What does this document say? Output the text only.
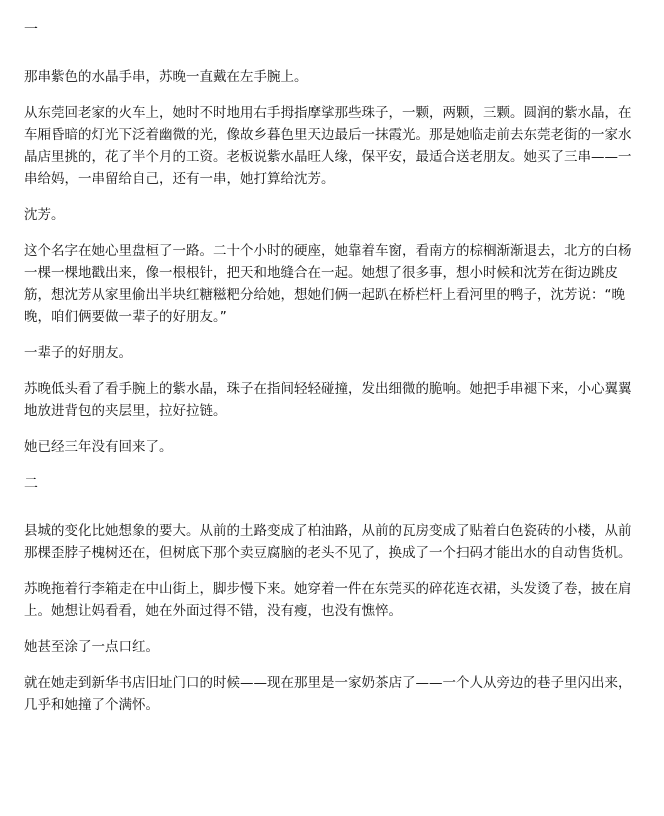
一

那串紫色的水晶手串，苏晚一直戴在左手腕上。

从东莞回老家的火车上，她时不时地用右手拇指摩挲那些珠子，一颗，两颗，三颗。圆润的紫水晶，在车厢昏暗的灯光下泛着幽微的光，像故乡暮色里天边最后一抹霞光。那是她临走前去东莞老街的一家水晶店里挑的，花了半个月的工资。老板说紫水晶旺人缘，保平安，最适合送老朋友。她买了三串——一串给妈，一串留给自己，还有一串，她打算给沈芳。

沈芳。

这个名字在她心里盘桓了一路。二十个小时的硬座，她靠着车窗，看南方的棕榈渐渐退去，北方的白杨一棵一棵地戳出来，像一根根针，把天和地缝合在一起。她想了很多事，想小时候和沈芳在街边跳皮筋，想沈芳从家里偷出半块红糖糍粑分给她，想她们俩一起趴在桥栏杆上看河里的鸭子，沈芳说：“晚晚，咱们俩要做一辈子的好朋友。”

一辈子的好朋友。

苏晚低头看了看手腕上的紫水晶，珠子在指间轻轻碰撞，发出细微的脆响。她把手串褪下来，小心翼翼地放进背包的夹层里，拉好拉链。

她已经三年没有回来了。

二

县城的变化比她想象的要大。从前的土路变成了柏油路，从前的瓦房变成了贴着白色瓷砖的小楼，从前那棵歪脖子槐树还在，但树底下那个卖豆腐脑的老头不见了，换成了一个扫码才能出水的自动售货机。

苏晚拖着行李箱走在中山街上，脚步慢下来。她穿着一件在东莞买的碎花连衣裙，头发烫了卷，披在肩上。她想让妈看看，她在外面过得不错，没有瘦，也没有憔悴。

她甚至涂了一点口红。

就在她走到新华书店旧址门口的时候——现在那里是一家奶茶店了——一个人从旁边的巷子里闪出来，几乎和她撞了个满怀。
